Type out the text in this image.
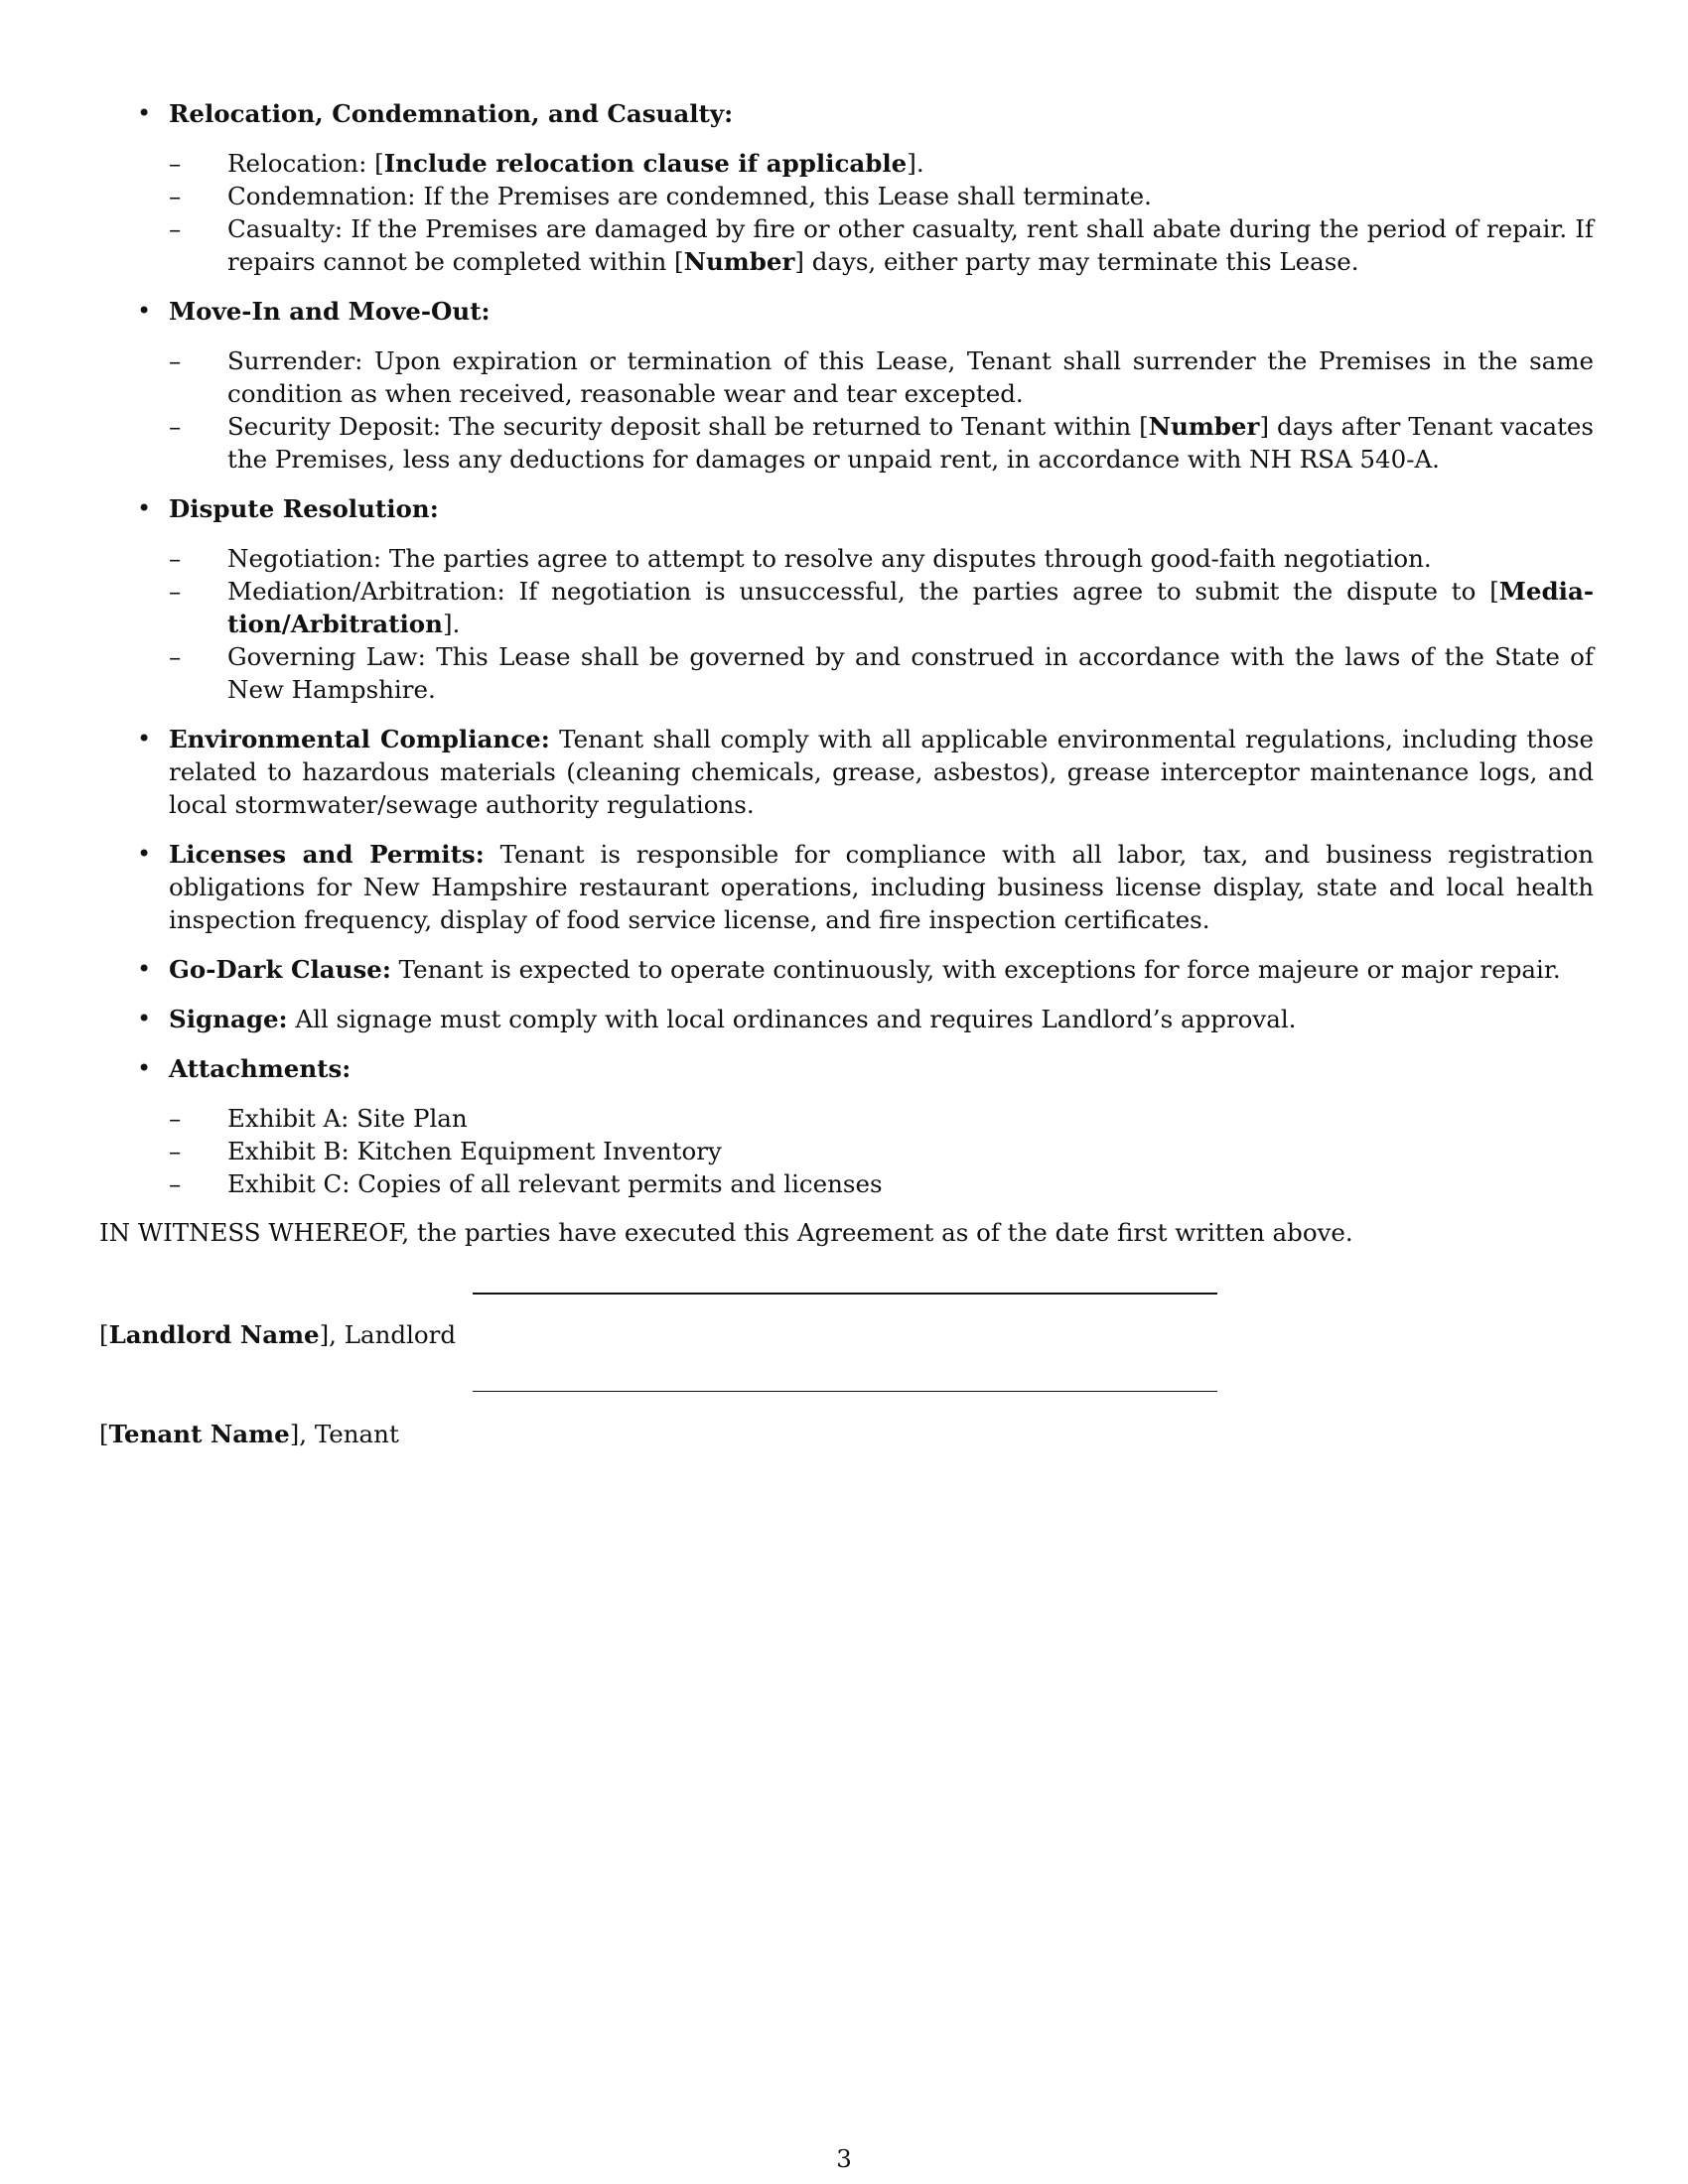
• Relocation, Condemnation, and Casualty:
– Relocation: [Include relocation clause if applicable].
– Condemnation: If the Premises are condemned, this Lease shall terminate.
– Casualty: If the Premises are damaged by fire or other casualty, rent shall abate during the period of repair. If repairs cannot be completed within [Number] days, either party may terminate this Lease.
• Move-In and Move-Out:
– Surrender: Upon expiration or termination of this Lease, Tenant shall surrender the Premises in the same condition as when received, reasonable wear and tear excepted.
– Security Deposit: The security deposit shall be returned to Tenant within [Number] days after Tenant vacates the Premises, less any deductions for damages or unpaid rent, in accordance with NH RSA 540-A.
• Dispute Resolution:
– Negotiation: The parties agree to attempt to resolve any disputes through good-faith negotiation.
– Mediation/Arbitration: If negotiation is unsuccessful, the parties agree to submit the dispute to [Mediation/Arbitration].
– Governing Law: This Lease shall be governed by and construed in accordance with the laws of the State of New Hampshire.
• Environmental Compliance: Tenant shall comply with all applicable environmental regulations, including those related to hazardous materials (cleaning chemicals, grease, asbestos), grease interceptor maintenance logs, and local stormwater/sewage authority regulations.
• Licenses and Permits: Tenant is responsible for compliance with all labor, tax, and business registration obligations for New Hampshire restaurant operations, including business license display, state and local health inspection frequency, display of food service license, and fire inspection certificates.
• Go-Dark Clause: Tenant is expected to operate continuously, with exceptions for force majeure or major repair.
• Signage: All signage must comply with local ordinances and requires Landlord’s approval.
• Attachments:
– Exhibit A: Site Plan
– Exhibit B: Kitchen Equipment Inventory
– Exhibit C: Copies of all relevant permits and licenses
IN WITNESS WHEREOF, the parties have executed this Agreement as of the date first written above.
[Landlord Name], Landlord
[Tenant Name], Tenant
3
